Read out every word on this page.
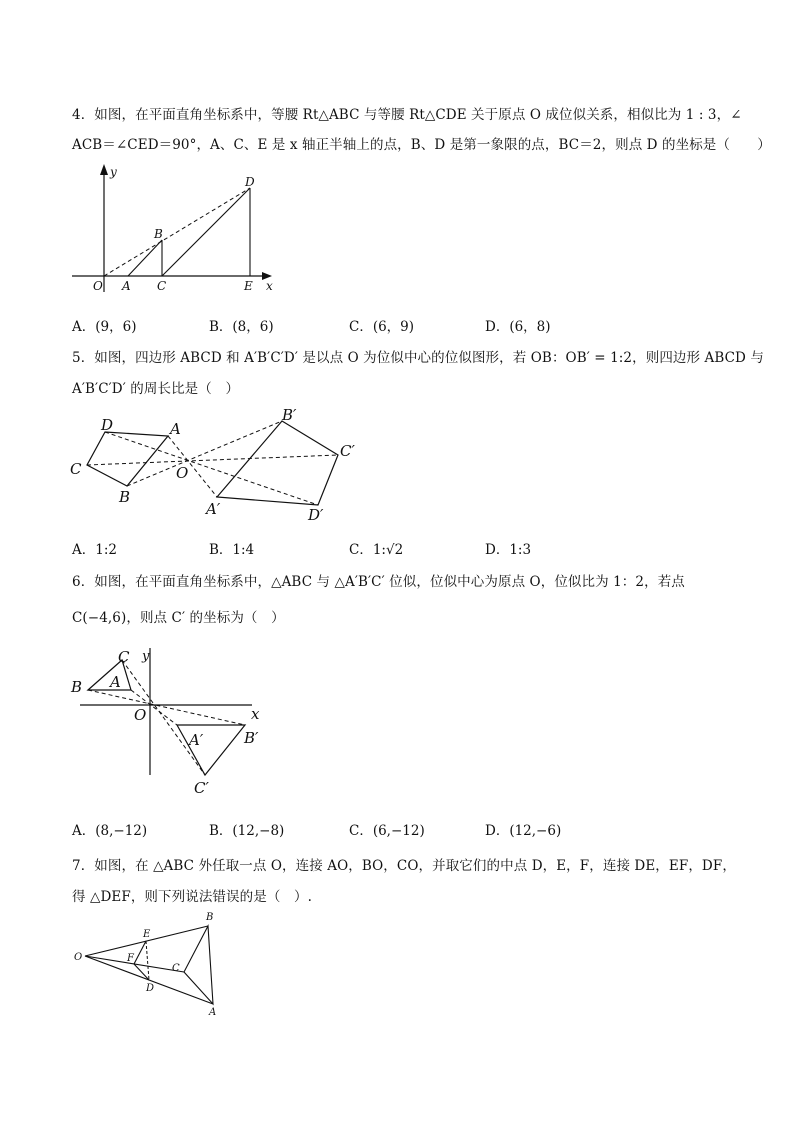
4．如图，在平面直角坐标系中，等腰 Rt△ABC 与等腰 Rt△CDE 关于原点 O 成位似关系，相似比为 1 : 3，∠
ACB＝∠CED＝90°，A、C、E 是 x 轴正半轴上的点，B、D 是第一象限的点，BC＝2，则点 D 的坐标是（　　）
y
D
B
O A C	E x
A．(9，6)	B．(8，6)	C．(6，9)	D．(6，8)
5．如图，四边形 ABCD 和 A′B′C′D′ 是以点 O 为位似中心的位似图形，若 OB：OB′ = 1:2，则四边形 ABCD 与
A′B′C′D′ 的周长比是（　）
D	A
C
B
O
B′
C′
A′	D′
A．1:2	B．1:4	C．1:√2	D．1:3
6．如图，在平面直角坐标系中，△ABC 与 △A′B′C′ 位似，位似中心为原点 O，位似比为 1：2，若点
C(−4,6)，则点 C′ 的坐标为（　）
C y
B A
O	x
A′	B′
C′
A．(8,−12)	B．(12,−8)	C．(6,−12)	D．(12,−6)
7．如图，在 △ABC 外任取一点 O，连接 AO，BO，CO，并取它们的中点 D，E，F，连接 DE，EF，DF，
得 △DEF，则下列说法错误的是（　）.
O
E
F
C
D
B
A
